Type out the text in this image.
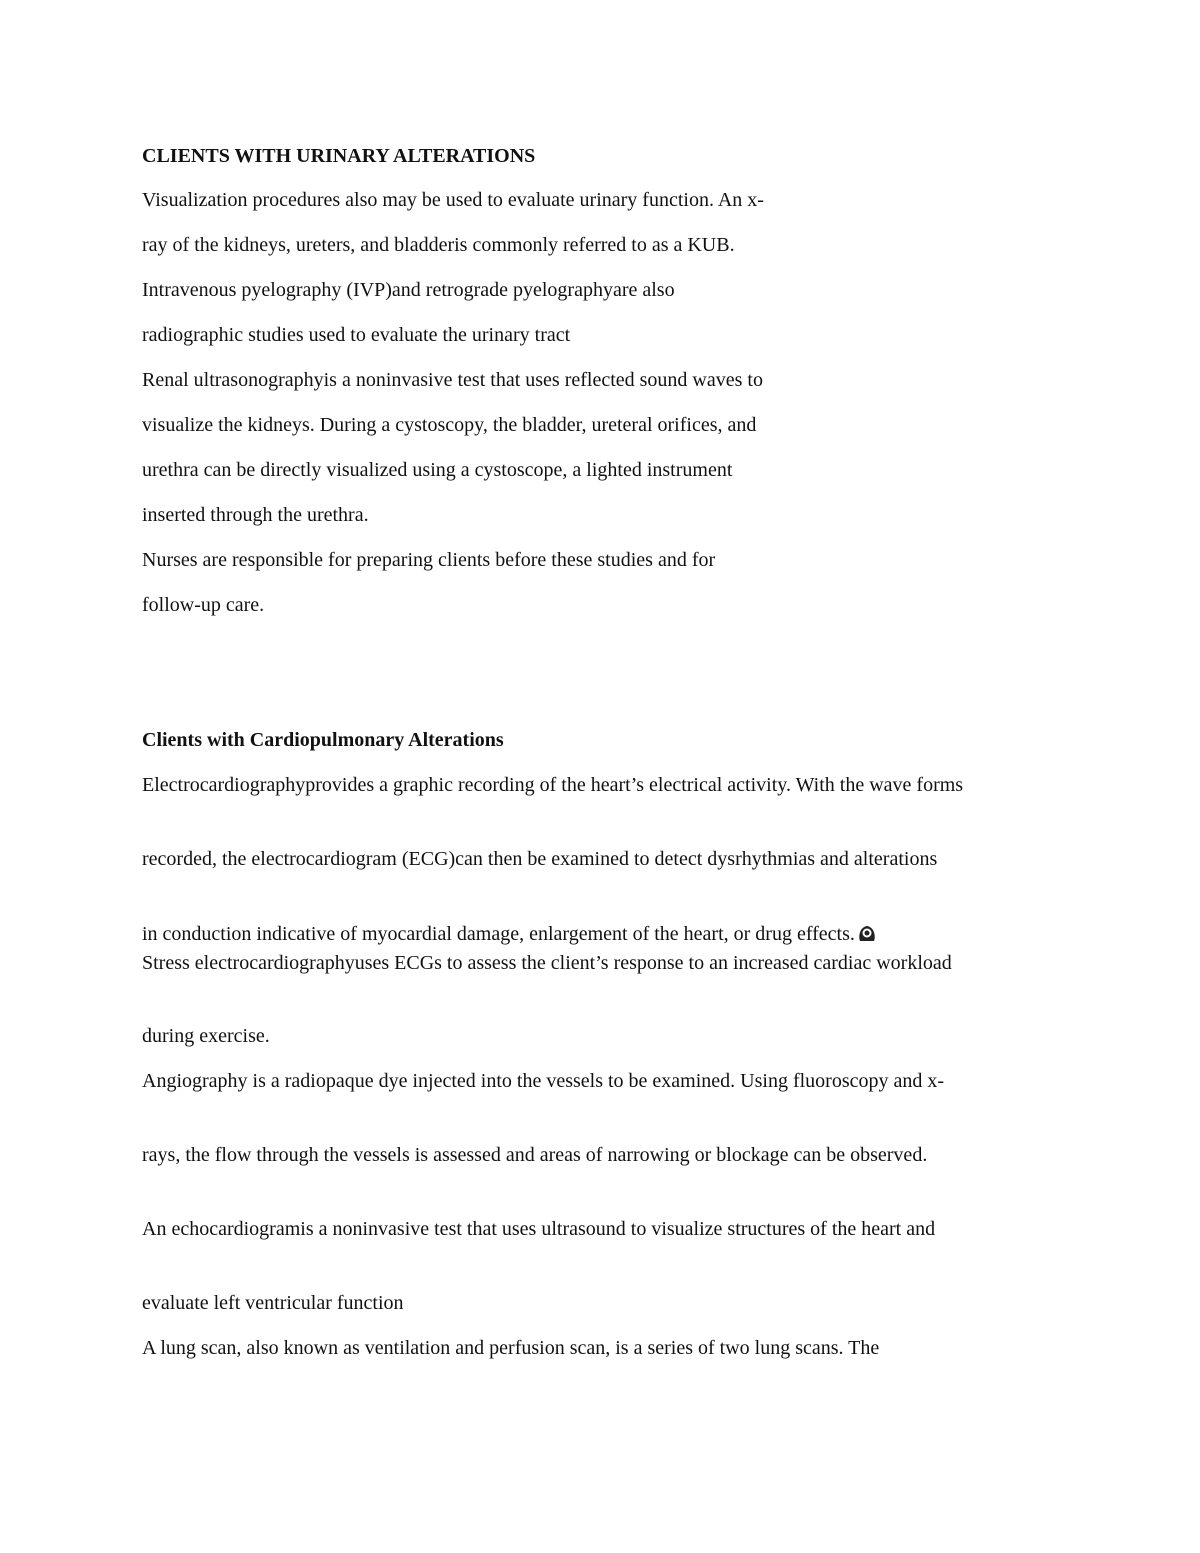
CLIENTS WITH URINARY ALTERATIONS
Visualization procedures also may be used to evaluate urinary function. An x-
ray of the kidneys, ureters, and bladderis commonly referred to as a KUB.
Intravenous pyelography (IVP)and retrograde pyelographyare also
radiographic studies used to evaluate the urinary tract
Renal ultrasonographyis a noninvasive test that uses reflected sound waves to
visualize the kidneys. During a cystoscopy, the bladder, ureteral orifices, and
urethra can be directly visualized using a cystoscope, a lighted instrument
inserted through the urethra.
Nurses are responsible for preparing clients before these studies and for
follow-up care.
Clients with Cardiopulmonary Alterations
Electrocardiographyprovides a graphic recording of the heart’s electrical activity. With the wave forms
recorded, the electrocardiogram (ECG)can then be examined to detect dysrhythmias and alterations
in conduction indicative of myocardial damage, enlargement of the heart, or drug effects.
Stress electrocardiographyuses ECGs to assess the client’s response to an increased cardiac workload
during exercise.
Angiography is a radiopaque dye injected into the vessels to be examined. Using fluoroscopy and x-
rays, the flow through the vessels is assessed and areas of narrowing or blockage can be observed.
An echocardiogramis a noninvasive test that uses ultrasound to visualize structures of the heart and
evaluate left ventricular function
A lung scan, also known as ventilation and perfusion scan, is a series of two lung scans. The
